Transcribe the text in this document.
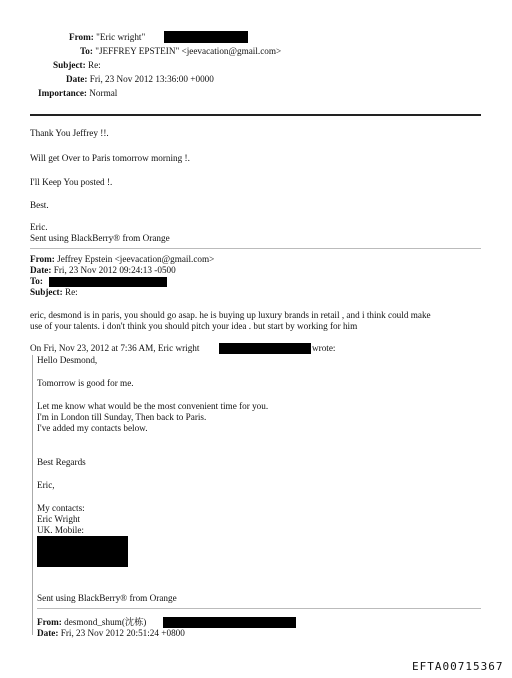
From: "Eric wright"
To: "JEFFREY EPSTEIN" <jeevacation@gmail.com>
Subject: Re:
Date: Fri, 23 Nov 2012 13:36:00 +0000
Importance: Normal
Thank You Jeffrey !!.
Will get Over to Paris tomorrow morning !.
I'll Keep You posted !.
Best.
Eric.
Sent using BlackBerry® from Orange
From: Jeffrey Epstein <jeevacation@gmail.com>
Date: Fri, 23 Nov 2012 09:24:13 -0500
To:
Subject: Re:
eric, desmond is in paris, you should go asap. he is buying up luxury brands in retail , and i think could make
use of your talents. i don't think you should pitch your idea . but start by working for him
On Fri, Nov 23, 2012 at 7:36 AM, Eric wright	wrote:
Hello Desmond,
Tomorrow is good for me.
Let me know what would be the most convenient time for you.
I'm in London till Sunday, Then back to Paris.
I've added my contacts below.
Best Regards
Eric,
My contacts:
Eric Wright
UK. Mobile:
Sent using BlackBerry® from Orange
From: desmond_shum(沈栋)
Date: Fri, 23 Nov 2012 20:51:24 +0800
EFTA00715367
